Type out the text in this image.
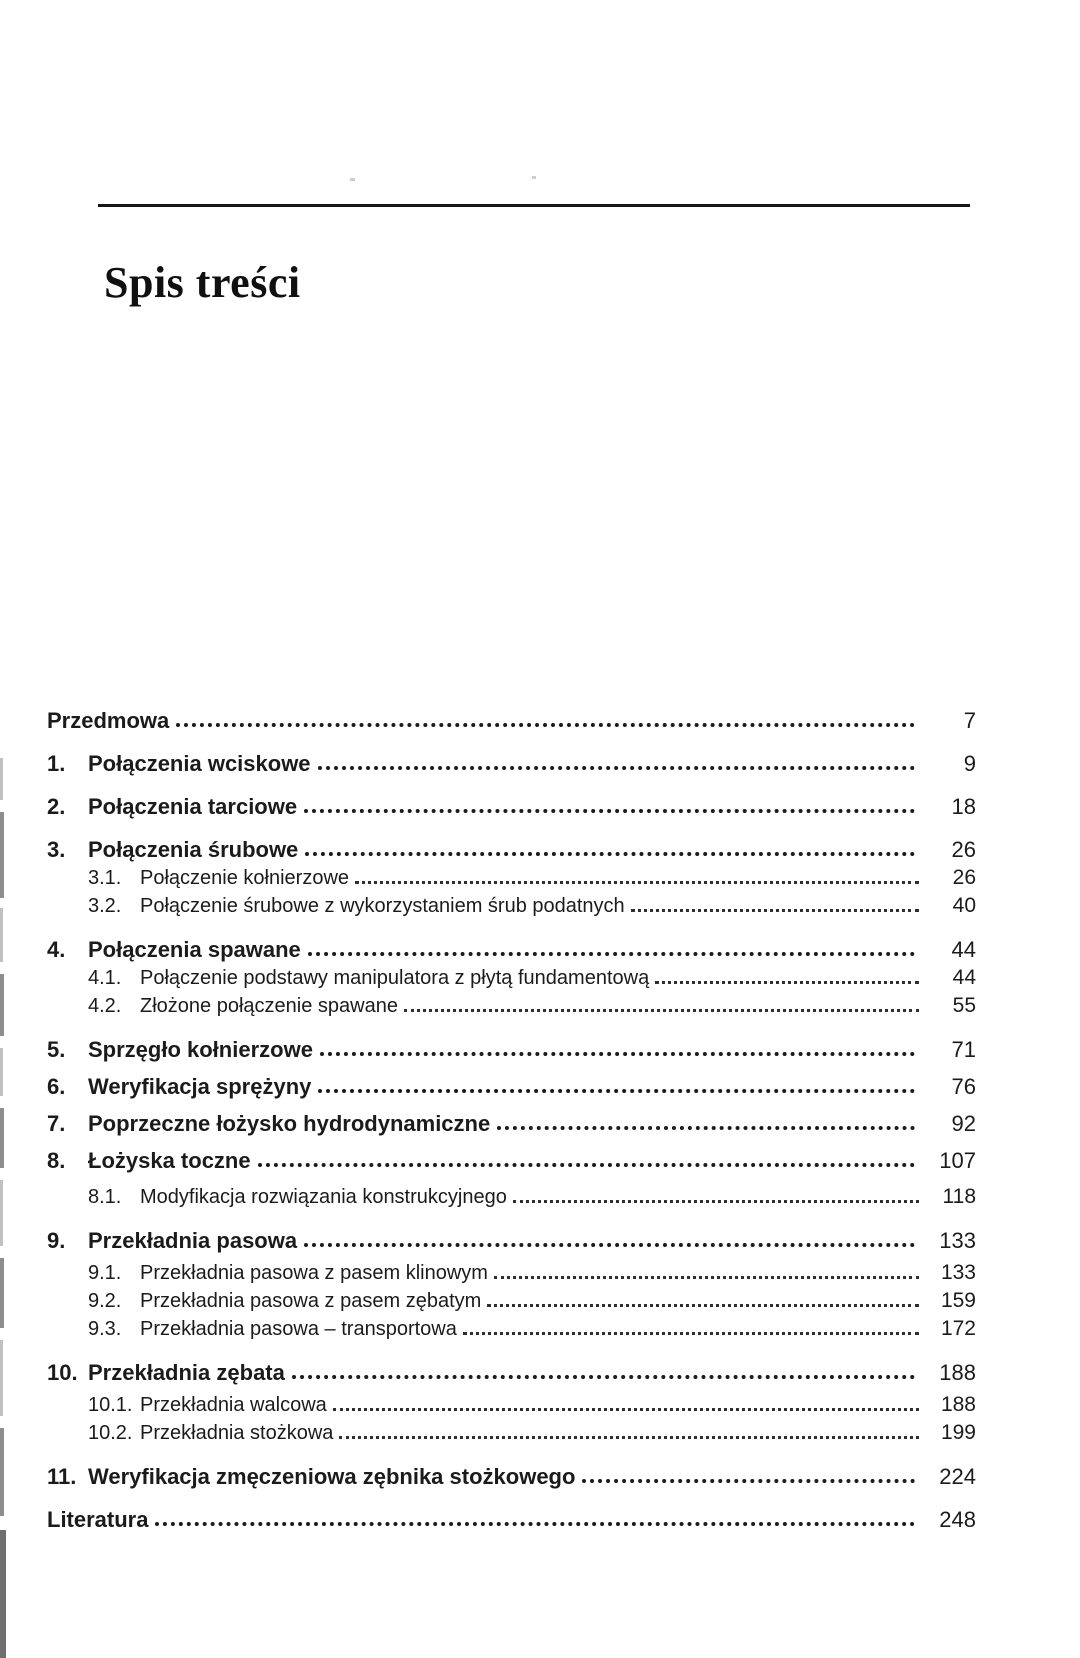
Spis treści
Przedmowa	7
1.	Połączenia wciskowe	9
2.	Połączenia tarciowe	18
3.	Połączenia śrubowe	26
3.1. Połączenie kołnierzowe	26
3.2. Połączenie śrubowe z wykorzystaniem śrub podatnych	40
4.	Połączenia spawane	44
4.1. Połączenie podstawy manipulatora z płytą fundamentową	44
4.2. Złożone połączenie spawane	55
5.	Sprzęgło kołnierzowe	71
6.	Weryfikacja sprężyny	76
7.	Poprzeczne łożysko hydrodynamiczne	92
8.	Łożyska toczne	107
8.1. Modyfikacja rozwiązania konstrukcyjnego	118
9.	Przekładnia pasowa	133
9.1. Przekładnia pasowa z pasem klinowym	133
9.2. Przekładnia pasowa z pasem zębatym	159
9.3. Przekładnia pasowa – transportowa	172
10. Przekładnia zębata	188
10.1. Przekładnia walcowa	188
10.2. Przekładnia stożkowa	199
11. Weryfikacja zmęczeniowa zębnika stożkowego	224
Literatura	248
